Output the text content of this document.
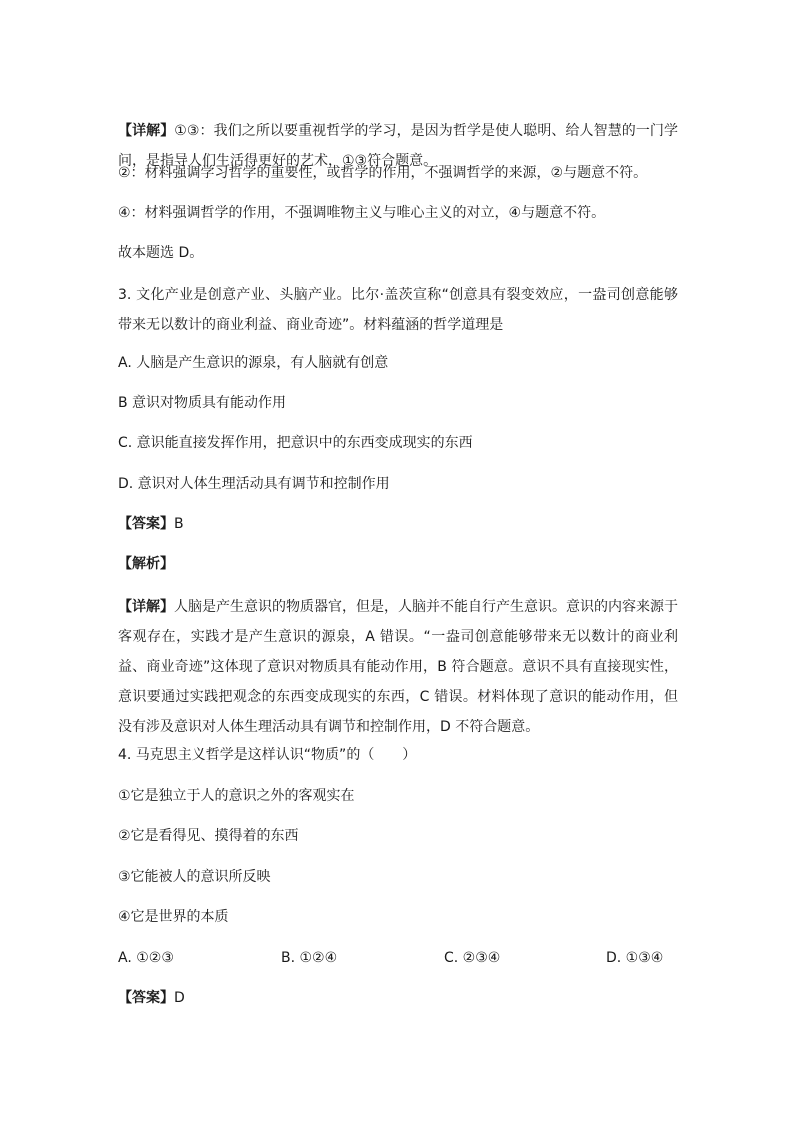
【详解】①③：我们之所以要重视哲学的学习，是因为哲学是使人聪明、给人智慧的一门学问，是指导人们生活得更好的艺术，①③符合题意。
②：材料强调学习哲学的重要性，或哲学的作用，不强调哲学的来源，②与题意不符。
④：材料强调哲学的作用，不强调唯物主义与唯心主义的对立，④与题意不符。
故本题选 D。
3. 文化产业是创意产业、头脑产业。比尔·盖茨宣称“创意具有裂变效应，一盎司创意能够带来无以数计的商业利益、商业奇迹”。材料蕴涵的哲学道理是
A. 人脑是产生意识的源泉，有人脑就有创意
B 意识对物质具有能动作用
C. 意识能直接发挥作用，把意识中的东西变成现实的东西
D. 意识对人体生理活动具有调节和控制作用
【答案】B
【解析】
【详解】人脑是产生意识的物质器官，但是，人脑并不能自行产生意识。意识的内容来源于客观存在，实践才是产生意识的源泉，A 错误。“一盎司创意能够带来无以数计的商业利益、商业奇迹”这体现了意识对物质具有能动作用，B 符合题意。意识不具有直接现实性，意识要通过实践把观念的东西变成现实的东西，C 错误。材料体现了意识的能动作用，但没有涉及意识对人体生理活动具有调节和控制作用，D 不符合题意。
4. 马克思主义哲学是这样认识“物质”的（　　）
①它是独立于人的意识之外的客观实在
②它是看得见、摸得着的东西
③它能被人的意识所反映
④它是世界的本质
A. ①②③	B. ①②④	C. ②③④	D. ①③④
【答案】D
